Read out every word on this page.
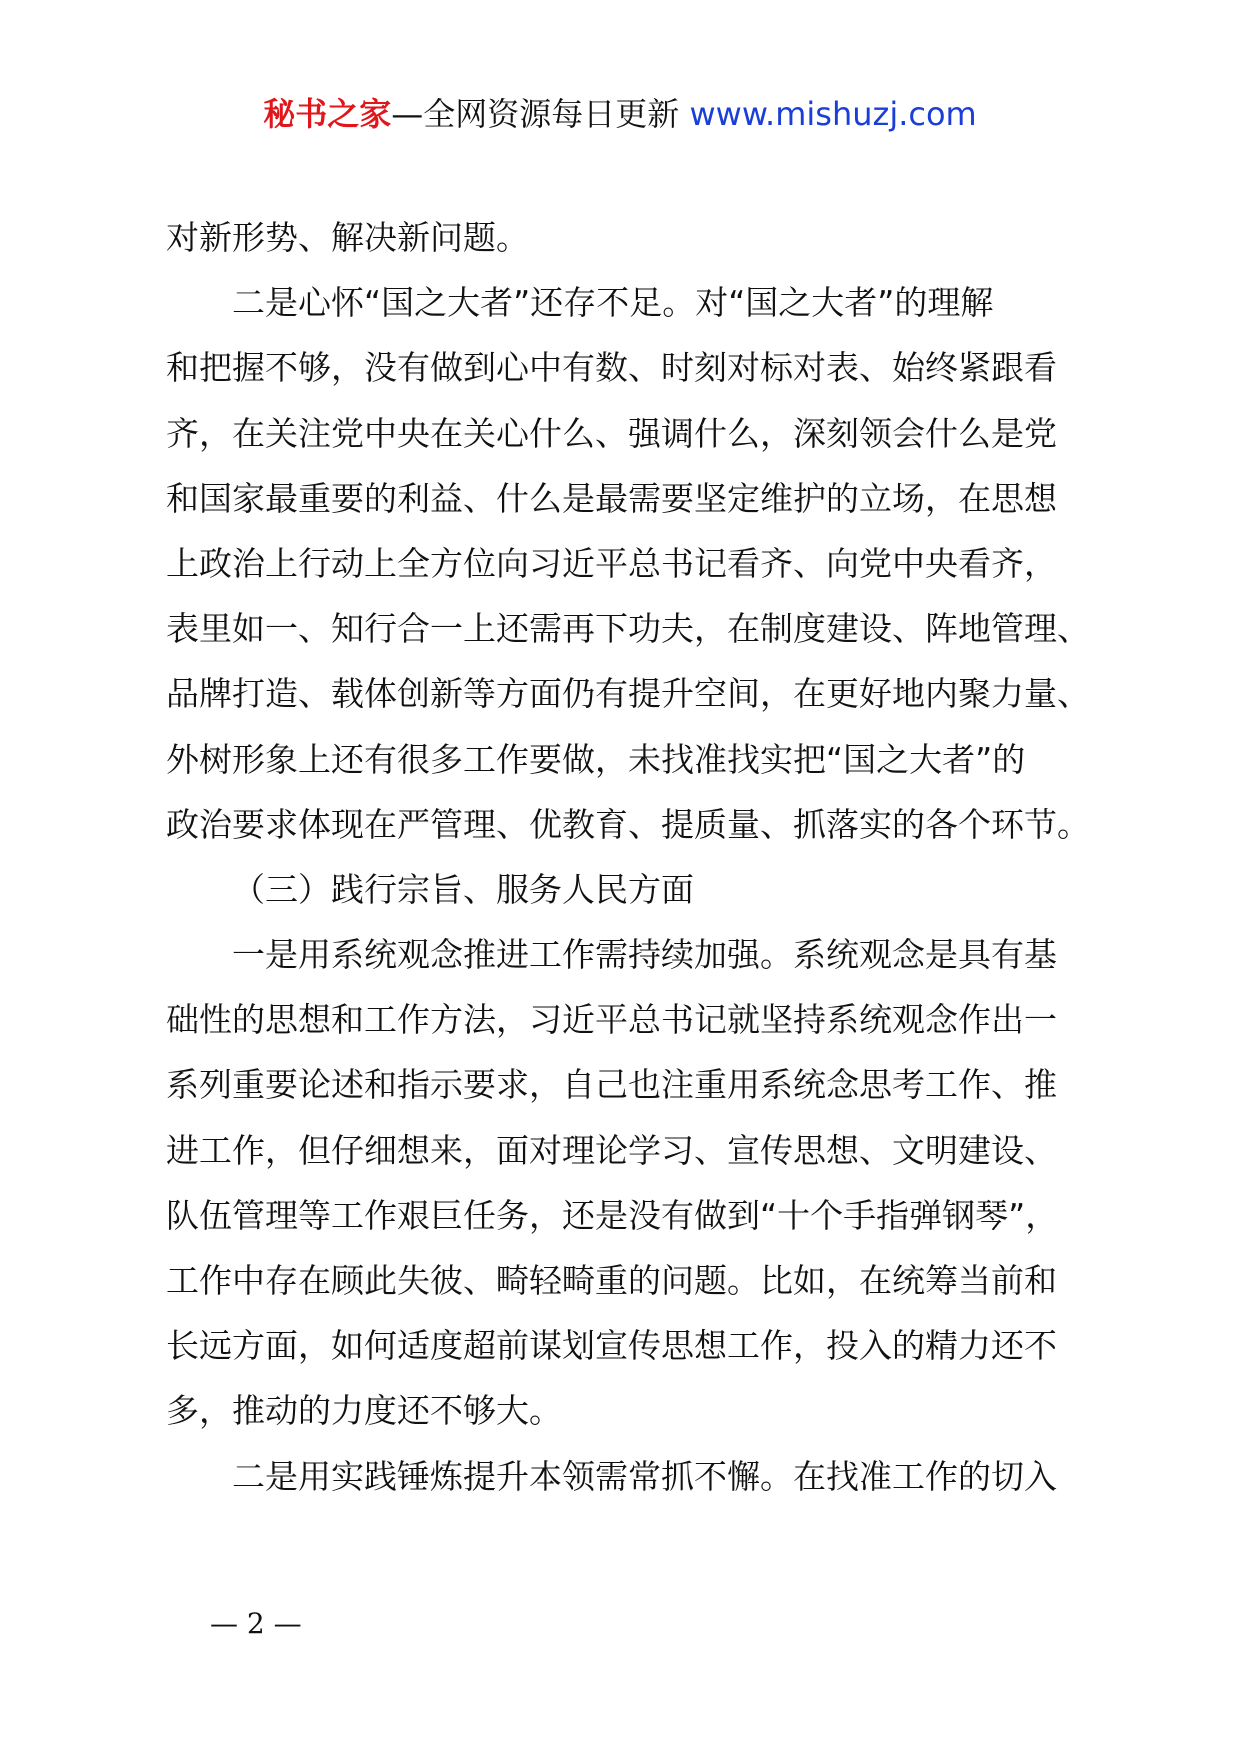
秘书之家—全网资源每日更新 www.mishuzj.com
对新形势、解决新问题。
二是心怀“国之大者”还存不足。对“国之大者”的理解
和把握不够，没有做到心中有数、时刻对标对表、始终紧跟看
齐，在关注党中央在关心什么、强调什么，深刻领会什么是党
和国家最重要的利益、什么是最需要坚定维护的立场，在思想
上政治上行动上全方位向习近平总书记看齐、向党中央看齐，
表里如一、知行合一上还需再下功夫，在制度建设、阵地管理、
品牌打造、载体创新等方面仍有提升空间，在更好地内聚力量、
外树形象上还有很多工作要做，未找准找实把“国之大者”的
政治要求体现在严管理、优教育、提质量、抓落实的各个环节。
（三）践行宗旨、服务人民方面
一是用系统观念推进工作需持续加强。系统观念是具有基
础性的思想和工作方法，习近平总书记就坚持系统观念作出一
系列重要论述和指示要求，自己也注重用系统念思考工作、推
进工作，但仔细想来，面对理论学习、宣传思想、文明建设、
队伍管理等工作艰巨任务，还是没有做到“十个手指弹钢琴”，
工作中存在顾此失彼、畸轻畸重的问题。比如，在统筹当前和
长远方面，如何适度超前谋划宣传思想工作，投入的精力还不
多，推动的力度还不够大。
二是用实践锤炼提升本领需常抓不懈。在找准工作的切入
— 2 —
